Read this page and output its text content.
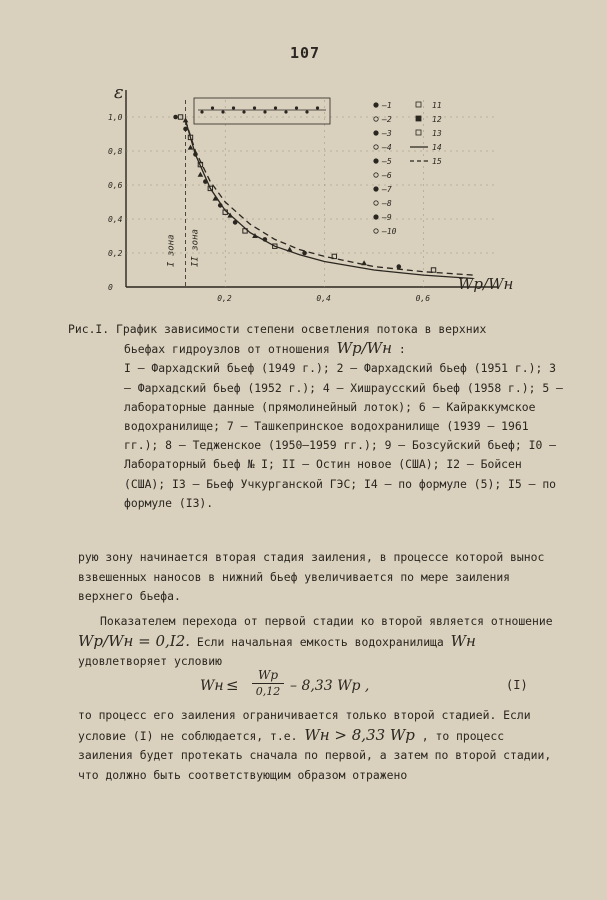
107
ε
Wp/Wн
1,0
0,8
0,6
0,4
0,2
0
0,2	0,4	0,6
I зона II зона
–1
–2
–3
–4
–5
–6
–7
–8
–9
–10
11
12
13
14
15
Рис.I. График зависимости степени осветления потока в верхних
бьефах гидроузлов от отношения Wp/Wн :
I – Фархадский бьеф (1949 г.); 2 – Фархадский бьеф (1951 г.); 3 – Фархадский бьеф (1952 г.); 4 – Хишраусский бьеф (1958 г.); 5 – лабораторные данные (прямолинейный лоток); 6 – Кайраккумское водохранилище; 7 – Ташкепринское водохранилище (1939 – 1961 гг.); 8 – Тедженское (1950–1959 гг.); 9 – Бозсуйский бьеф; I0 – Лабораторный бьеф № I; II – Остин новое (США); I2 – Бойсен (США); I3 – Бьеф Учкурганской ГЭС; I4 – по формуле (5); I5 – по формуле (I3).
рую зону начинается вторая стадия заиления, в процессе которой вынос взвешенных наносов в нижний бьеф увеличивается по мере заиления верхнего бьефа.
Показателем перехода от первой стадии ко второй является отношение Wp/Wн = 0,I2. Если начальная емкость водохранилища Wн удовлетворяет условию
Wн ≤ $\frac{Wp}{0,12} - 8,33$ Wp ,	(I)
то процесс его заиления ограничивается только второй стадией. Если условие (I) не соблюдается, т.е. Wн > 8,33 Wp , то процесс заиления будет протекать сначала по первой, а затем по второй стадии, что должно быть соответствующим образом отражено
